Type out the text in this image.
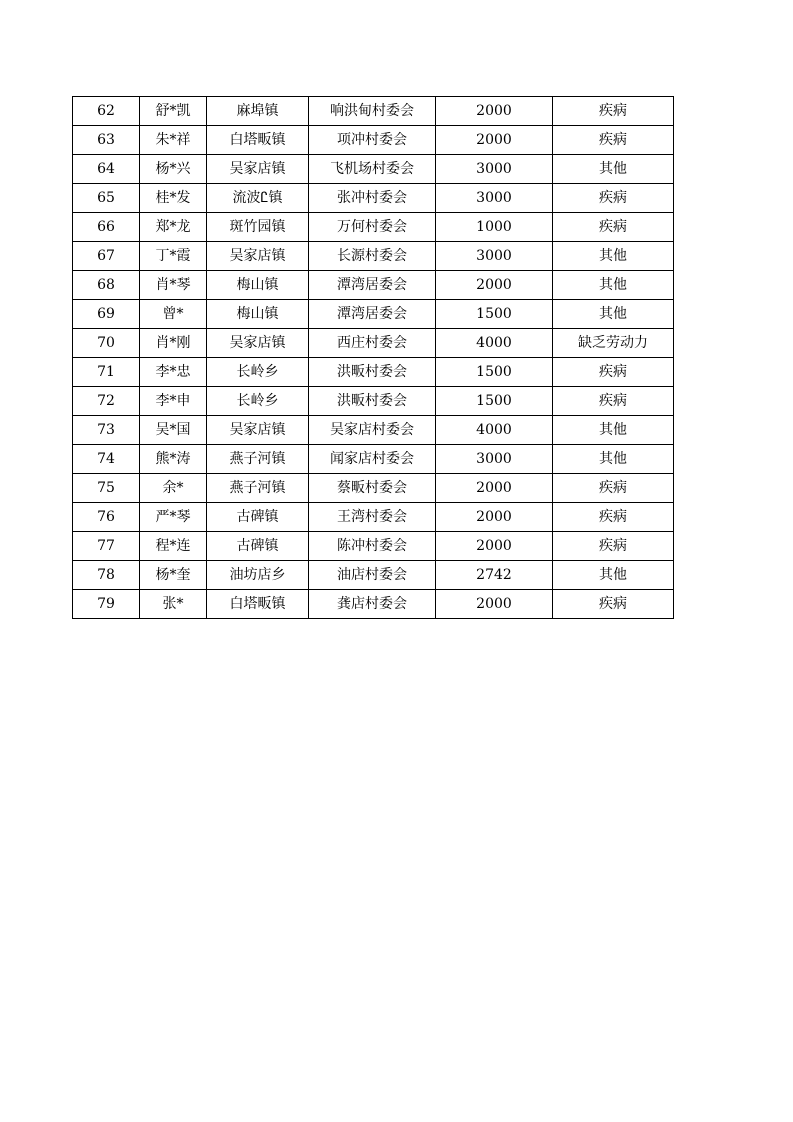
62	舒*凯	麻埠镇	响洪甸村委会	2000	疾病
63	朱*祥	白塔畈镇	项冲村委会	2000	疾病
64	杨*兴	吴家店镇	飞机场村委会	3000	其他
65	桂*发	流波Ꮭ镇	张冲村委会	3000	疾病
66	郑*龙	斑竹园镇	万何村委会	1000	疾病
67	丁*霞	吴家店镇	长源村委会	3000	其他
68	肖*琴	梅山镇	潭湾居委会	2000	其他
69	曾*	梅山镇	潭湾居委会	1500	其他
70	肖*刚	吴家店镇	西庄村委会	4000	缺乏劳动力
71	李*忠	长岭乡	洪畈村委会	1500	疾病
72	李*申	长岭乡	洪畈村委会	1500	疾病
73	吴*国	吴家店镇	吴家店村委会	4000	其他
74	熊*涛	燕子河镇	闻家店村委会	3000	其他
75	余*	燕子河镇	蔡畈村委会	2000	疾病
76	严*琴	古碑镇	王湾村委会	2000	疾病
77	程*连	古碑镇	陈冲村委会	2000	疾病
78	杨*奎	油坊店乡	油店村委会	2742	其他
79	张*	白塔畈镇	龚店村委会	2000	疾病
